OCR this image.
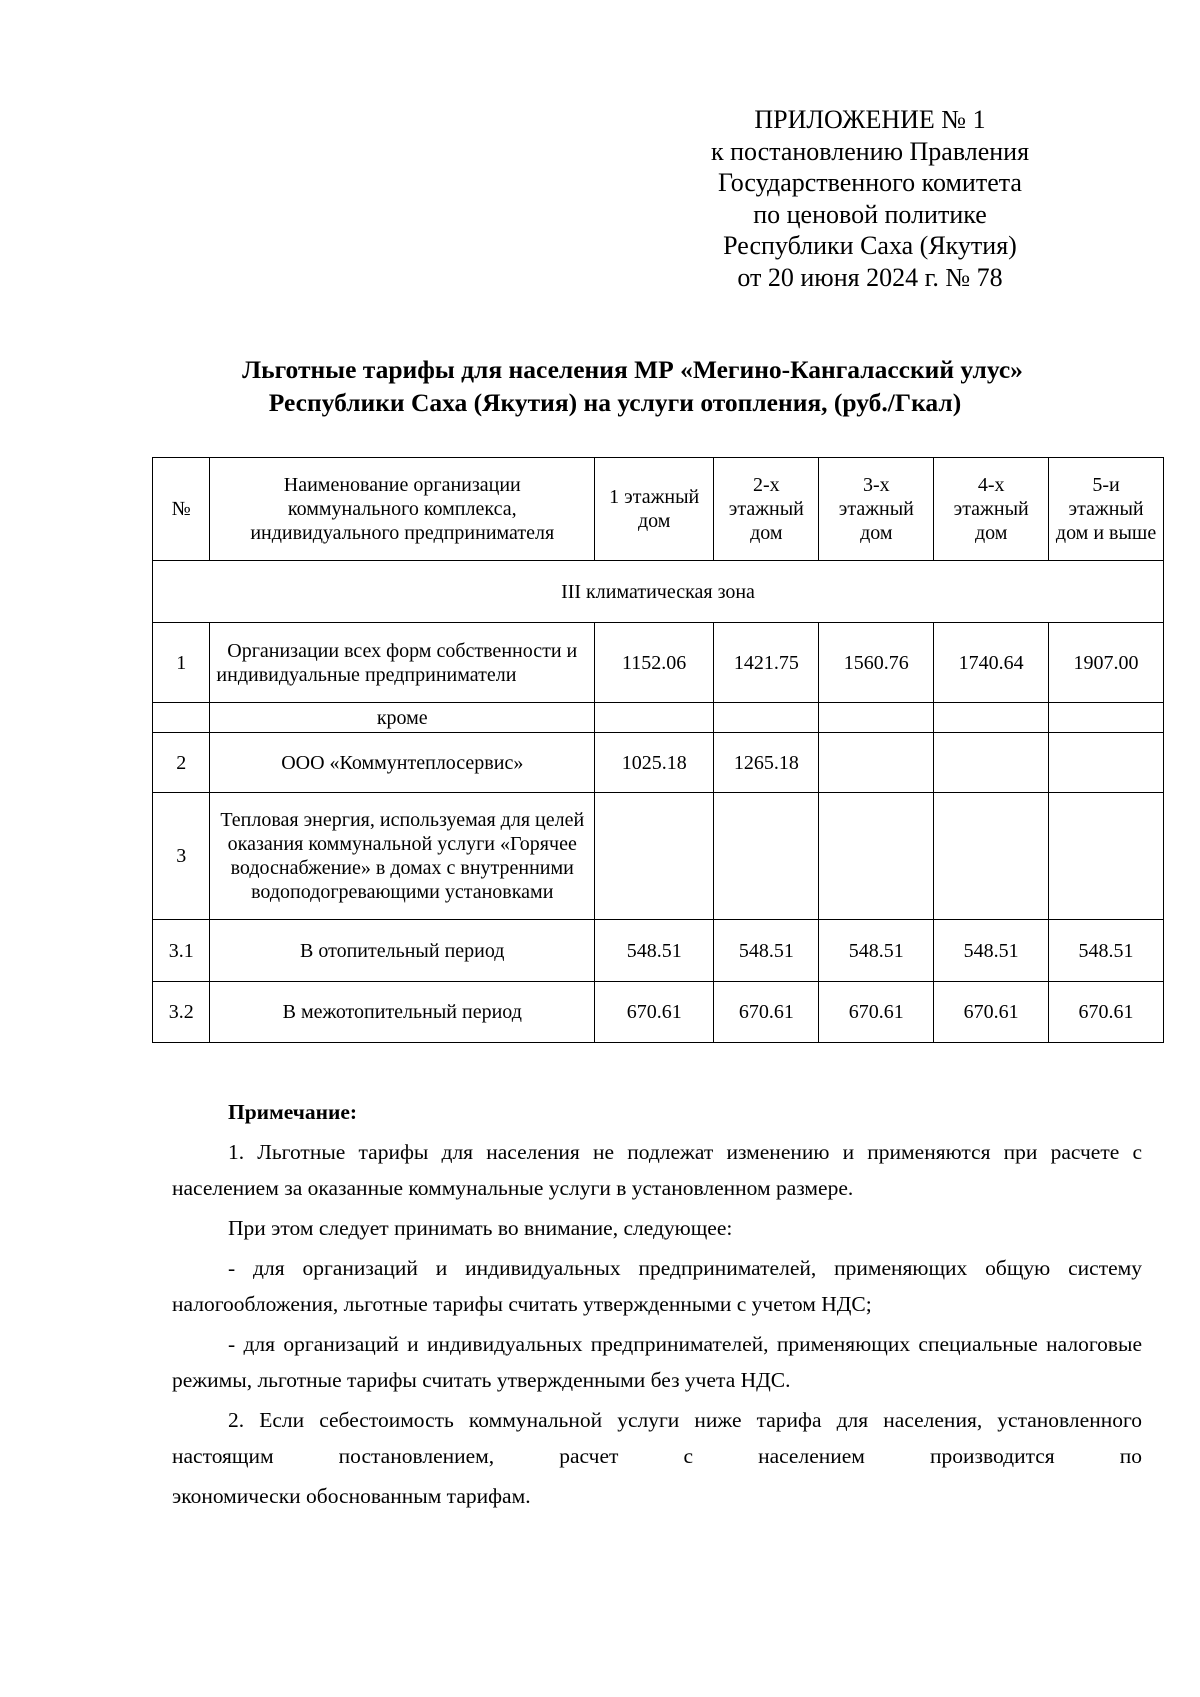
ПРИЛОЖЕНИЕ № 1
к постановлению Правления
Государственного комитета
по ценовой политике
Республики Саха (Якутия)
от 20 июня 2024 г. № 78
Льготные тарифы для населения МР «Мегино-Кангаласский улус»
Республики Саха (Якутия) на услуги отопления, (руб./Гкал)
№	Наименование организации коммунального комплекса, индивидуального предпринимателя	1 этажный дом	2-х этажный дом	3-х этажный дом	4-х этажный дом	5-и этажный дом и выше
III климатическая зона						
1	Организации всех форм собственности и индивидуальные предприниматели	1152.06	1421.75	1560.76	1740.64	1907.00
	кроме					
2	ООО «Коммунтеплосервис»	1025.18	1265.18			
3	Тепловая энергия, используемая для целей оказания коммунальной услуги «Горячее водоснабжение» в домах с внутренними водоподогревающими установками					
3.1	В отопительный период	548.51	548.51	548.51	548.51	548.51
3.2	В межотопительный период	670.61	670.61	670.61	670.61	670.61
Примечание:

1. Льготные тарифы для населения не подлежат изменению и применяются при расчете с населением за оказанные коммунальные услуги в установленном размере.

При этом следует принимать во внимание, следующее:

- для организаций и индивидуальных предпринимателей, применяющих общую систему налогообложения, льготные тарифы считать утвержденными с учетом НДС;

- для организаций и индивидуальных предпринимателей, применяющих специальные налоговые режимы, льготные тарифы считать утвержденными без учета НДС.

2. Если себестоимость коммунальной услуги ниже тарифа для населения, установленного настоящим постановлением, расчет с населением производится по

экономически обоснованным тарифам.
